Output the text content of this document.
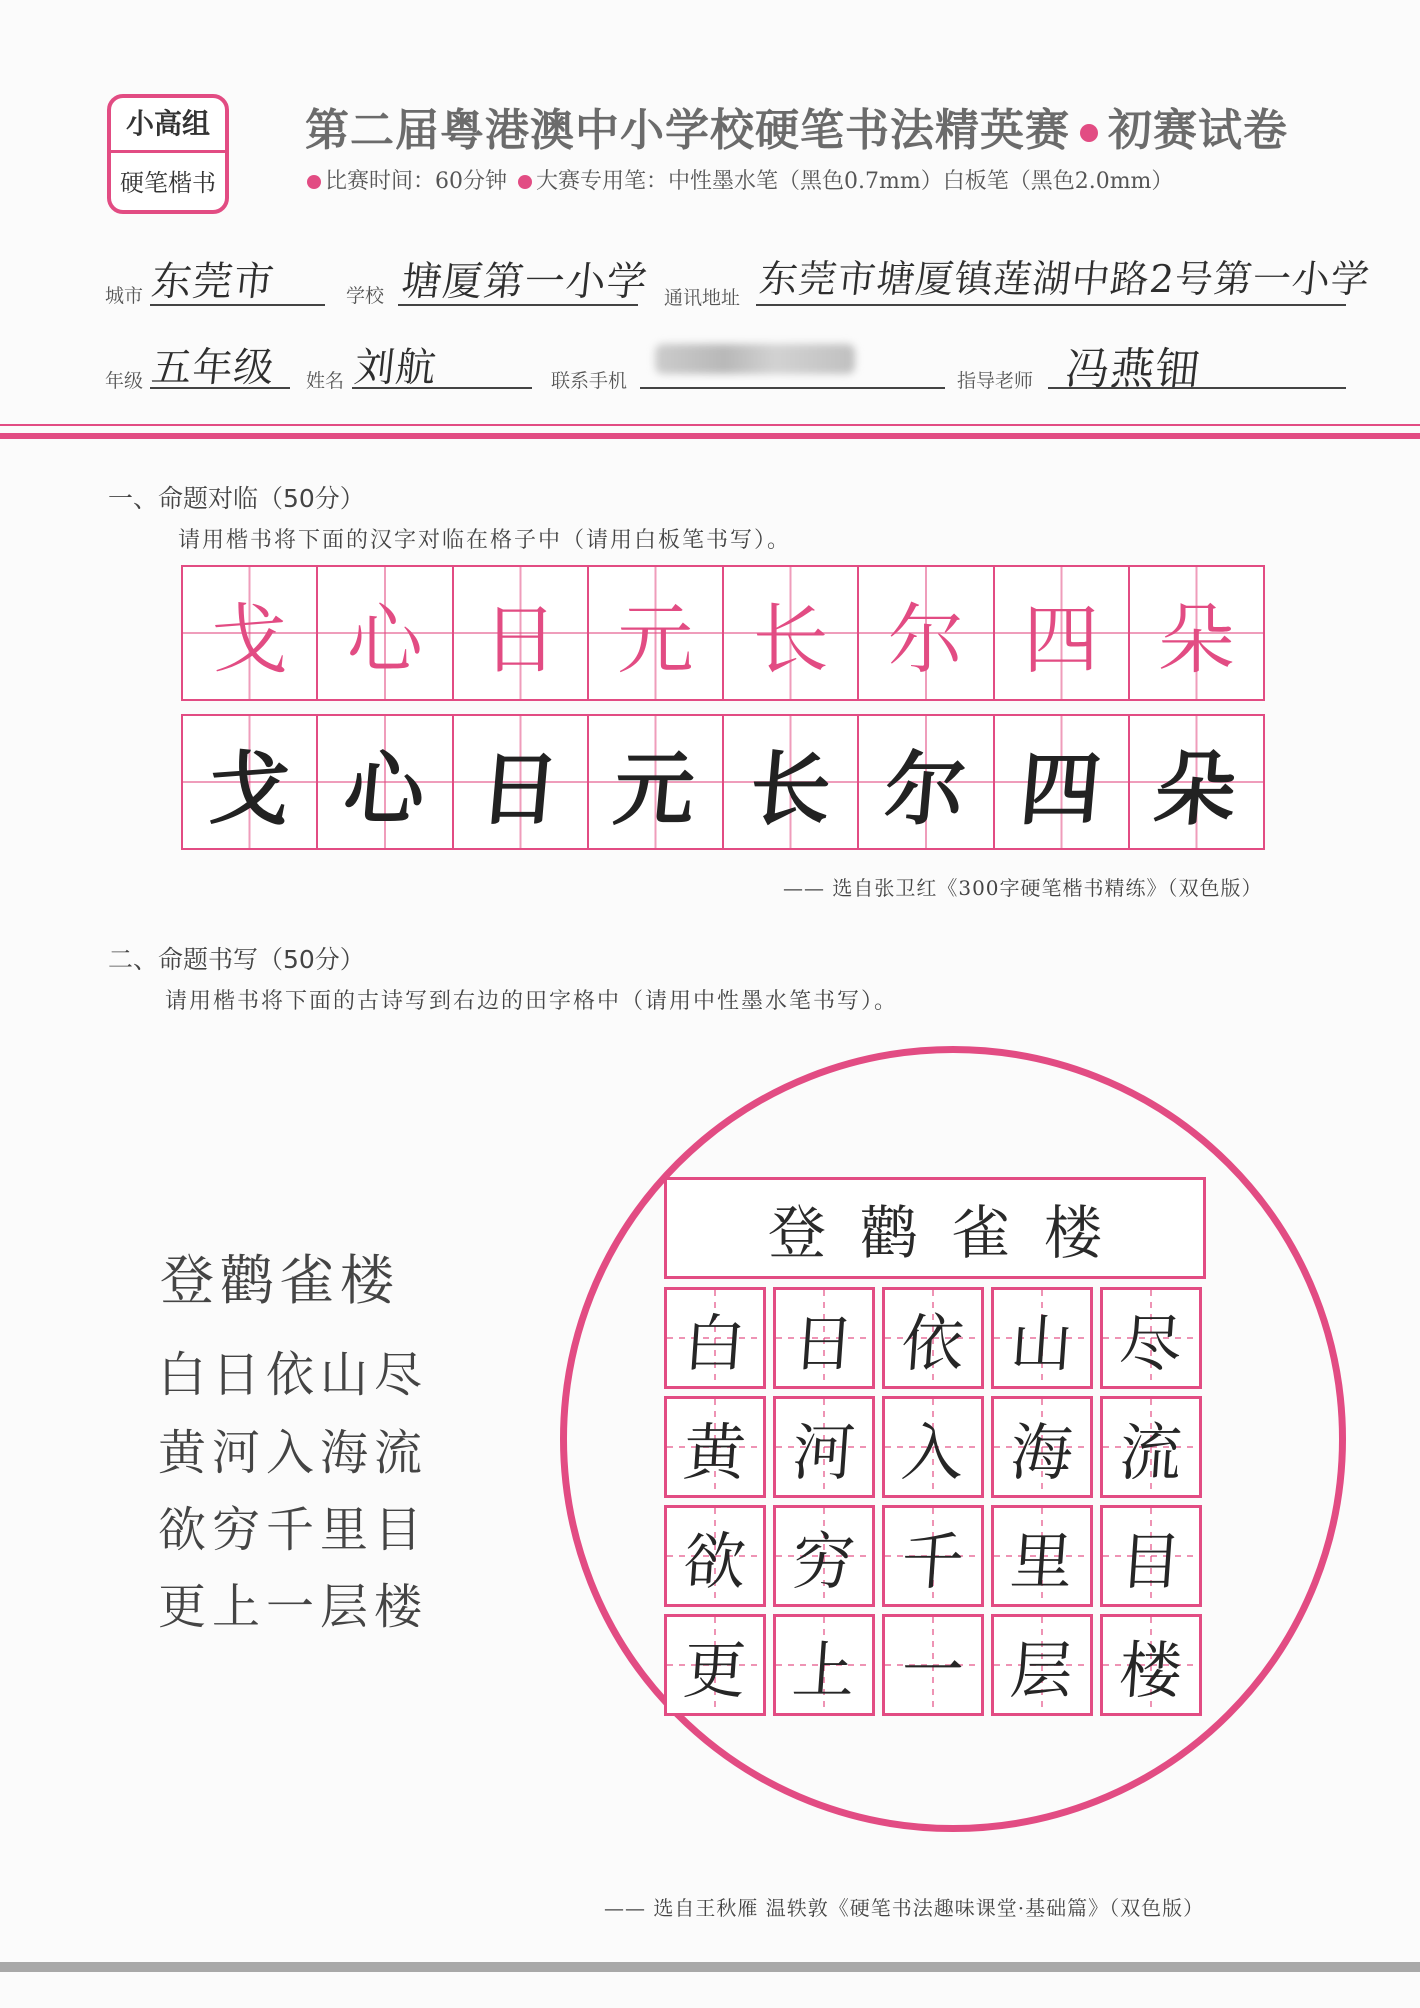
小高组
硬笔楷书
第二届粤港澳中小学校硬笔书法精英赛 初赛试卷
比赛时间：60分钟 大赛专用笔：中性墨水笔（黑色0.7mm）白板笔（黑色2.0mm）
城市 东莞市	学校 塘厦第一小学 通讯地址 东莞市塘厦镇莲湖中路2号第一小学
年级 五年级 姓名 刘航	联系手机	指导老师 冯燕钿
一、命题对临（50分）
请用楷书将下面的汉字对临在格子中（请用白板笔书写）。
戈 心 日 元 长 尔 四 朵
戈 心 日 元 长 尔 四 朵
—— 选自张卫红《300字硬笔楷书精练》（双色版）
二、命题书写（50分）
请用楷书将下面的古诗写到右边的田字格中（请用中性墨水笔书写）。
登鹳雀楼
白日依山尽
黄河入海流
欲穷千里目
更上一层楼
登鹳雀楼
白 日 依 山 尽
黄 河 入 海 流
欲 穷 千 里 目
更 上 一 层 楼
—— 选自王秋雁 温轶敦《硬笔书法趣味课堂·基础篇》（双色版）
